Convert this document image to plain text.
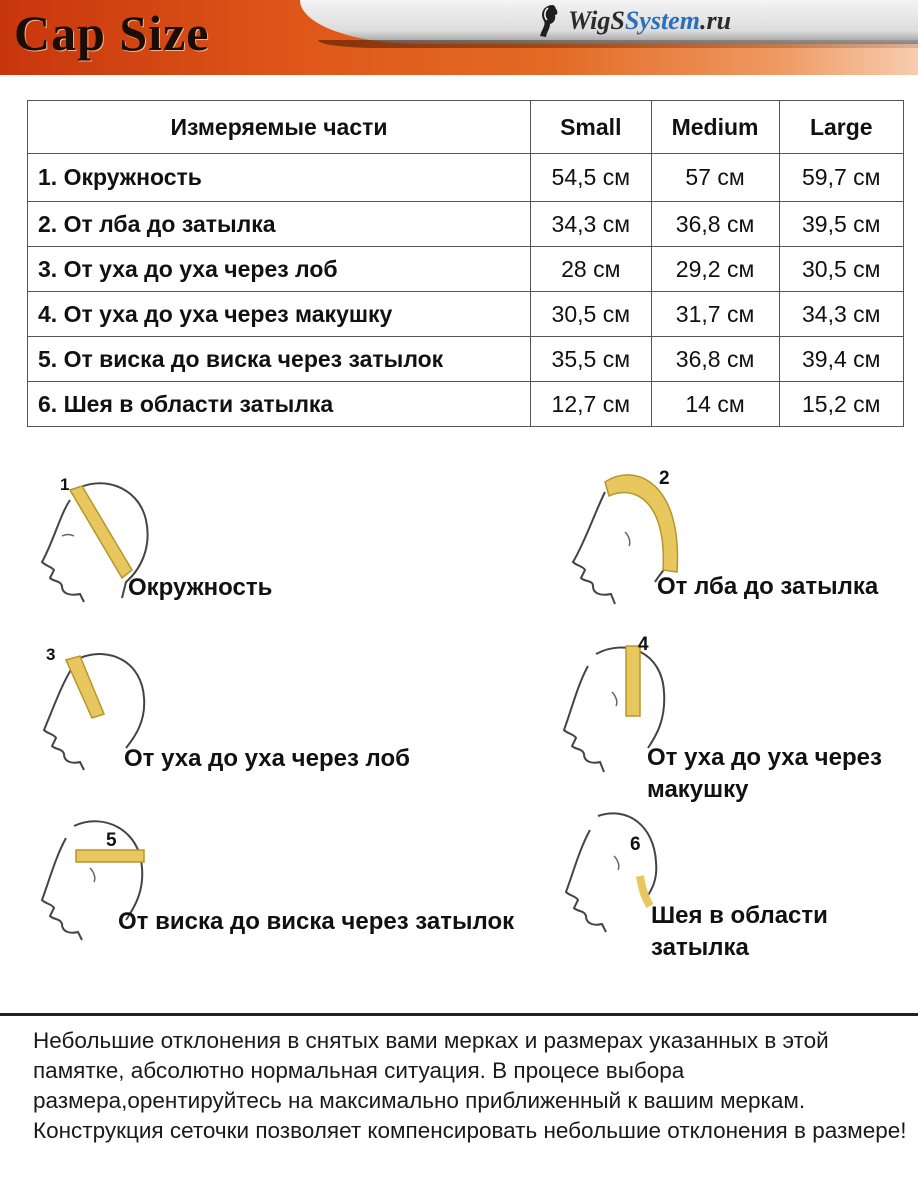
Cap Size	WigSSystem.ru
Измеряемые части	Small	Medium	Large
1. Окружность	54,5 см	57 см	59,7 см
2. От лба до затылка	34,3 см	36,8 см	39,5 см
3. От уха до уха через лоб	28 см	29,2 см	30,5 см
4. От уха до уха через макушку	30,5 см	31,7 см	34,3 см
5. От виска до виска через затылок	35,5 см	36,8 см	39,4 см
6. Шея в области затылка	12,7 см	14 см	15,2 см
1
Окружность
2
От лба до затылка
3
От уха до уха через лоб
4
От уха до уха через
макушку
5
От виска до виска через затылок
6
Шея в области
затылка
Небольшие отклонения в снятых вами мерках и размерах указанных в этой памятке, абсолютно нормальная ситуация. В процесе выбора размера,орентируйтесь на максимально приближенный к вашим меркам. Конструкция сеточки позволяет компенсировать небольшие отклонения в размере!
